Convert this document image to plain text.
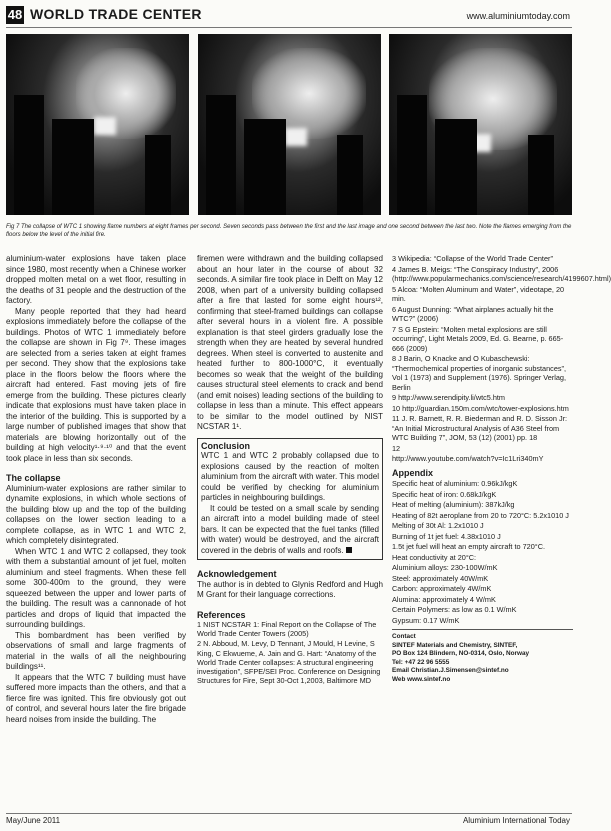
48 WORLD TRADE CENTER	www.aluminiumtoday.com
Fig 7 The collapse of WTC 1 showing flame numbers at eight frames per second. Seven seconds pass between the first and the last image and one second between the last two. Note the flames emerging from the floors below the level of the initial fire.

aluminium-water explosions have taken place since 1980, most recently when a Chinese worker dropped molten metal on a wet floor, resulting in the deaths of 31 people and the destruction of the factory.

Many people reported that they had heard explosions immediately before the collapse of the buildings. Photos of WTC 1 immediately before the collapse are shown in Fig 7⁹. These images are selected from a series taken at eight frames per second. They show that the explosions take place in the floors below the floors where the aircraft had entered. Fast moving jets of fire emerge from the building. These pictures clearly indicate that explosions must have taken place in the interior of the building. This is supported by a large number of published images that show that materials are blowing horizontally out of the building at high velocity¹·⁹·¹⁰ and that the event took place in less than six seconds.

The collapse

Aluminium-water explosions are rather similar to dynamite explosions, in which whole sections of the building blow up and the top of the building collapses on the lower section leading to a complete collapse, as in WTC 1 and WTC 2, which completely disintegrated.

When WTC 1 and WTC 2 collapsed, they took with them a substantial amount of jet fuel, molten aluminium and steel fragments. When these fell some 300-400m to the ground, they were squeezed between the upper and lower parts of the building. The result was a cannonade of hot particles and drops of liquid that impacted the surrounding buildings.

This bombardment has been verified by observations of small and large fragments of material in the walls of all the neighbouring buildings¹¹.

It appears that the WTC 7 building must have suffered more impacts than the others, and that a fierce fire was ignited. This fire obviously got out of control, and several hours later the fire brigade heard noises from inside the building. The

firemen were withdrawn and the building collapsed about an hour later in the course of about 32 seconds. A similar fire took place in Delft on May 12 2008, when part of a university building collapsed after a fire that lasted for some eight hours¹², confirming that steel-framed buildings can collapse after several hours in a violent fire. A possible explanation is that steel girders gradually lose the strength when they are heated by several hundred degrees. When steel is converted to austenite and heated further to 800-1000°C, it eventually becomes so weak that the weight of the building causes structural steel elements to crack and bend (and emit noises) leading sections of the building to collapse in less than a minute. This effect appears to be similar to the model outlined by NIST NCSTAR 1¹.

Conclusion

WTC 1 and WTC 2 probably collapsed due to explosions caused by the reaction of molten aluminium from the aircraft with water. This model could be verified by checking for aluminium particles in neighbouring buildings.

It could be tested on a small scale by sending an aircraft into a model building made of steel bars. It can be expected that the fuel tanks (filled with water) would be destroyed, and the aircraft covered in the debris of walls and roofs.

Acknowledgement

The author is in debted to Glynis Redford and Hugh M Grant for their language corrections.

References

1 NIST NCSTAR 1: Final Report on the Collapse of The World Trade Center Towers (2005)

2 N. Abboud, M. Levy, D Tennant, J Mould, H Levine, S King, C Ekwueme, A. Jain and G. Hart: “Anatomy of the World Trade Center collapses: A structural engineering investigation”, SFPE/SEI Proc. Conference on Designing Structures for Fire, Sept 30-Oct 1,2003, Baltimore MD

3 Wikipedia: “Collapse of the World Trade Center”

4 James B. Meigs: “The Conspiracy Industry”, 2006 (http://www.popularmechanics.com/science/research/4199607.html)

5 Alcoa: “Molten Aluminum and Water”, videotape, 20 min.

6 August Dunning: “What airplanes actually hit the WTC?” (2006)

7 S G Epstein: “Molten metal explosions are still occurring”, Light Metals 2009, Ed. G. Bearne, p. 665-666 (2009)

8 J Barin, O Knacke and O Kubaschewski: “Thermochemical properties of inorganic substances”, Vol 1 (1973) and Supplement (1976). Springer Verlag, Berlin

9 http://www.serendipity.li/wtc5.htm

10 http://guardian.150m.com/wtc/tower-explosions.htm

11 J. R. Barnett, R. R. Biederman and R. D. Sisson Jr: “An Initial Microstructural Analysis of A36 Steel from WTC Building 7”, JOM, 53 (12) (2001) pp. 18

12

http://www.youtube.com/watch?v=Ic1Lri340mY

Appendix

Specific heat of aluminium: 0.96kJ/kgK

Specific heat of iron: 0.68kJ/kgK

Heat of melting (aluminium): 387kJ/kg

Heating of 82t aeroplane from 20 to 720°C: 5.2x1010 J

Melting of 30t Al: 1.2x1010 J

Burning of 1t jet fuel: 4.38x1010 J

1.5t jet fuel will heat an empty aircraft to 720°C.

Heat conductivity at 20°C:

Aluminium alloys: 230-100W/mK

Steel: approximately 40W/mK

Carbon: approximately 4W/mK

Alumina: approximately 4 W/mK

Certain Polymers: as low as 0.1 W/mK

Gypsum: 0.17 W/mK

Contact
SINTEF Materials and Chemistry, SINTEF,
PO Box 124 Blindern, NO-0314, Oslo, Norway
Tel: +47 22 96 5555
Email Christian.J.Simensen@sintef.no
Web www.sintef.no
May/June 2011	Aluminium International Today
